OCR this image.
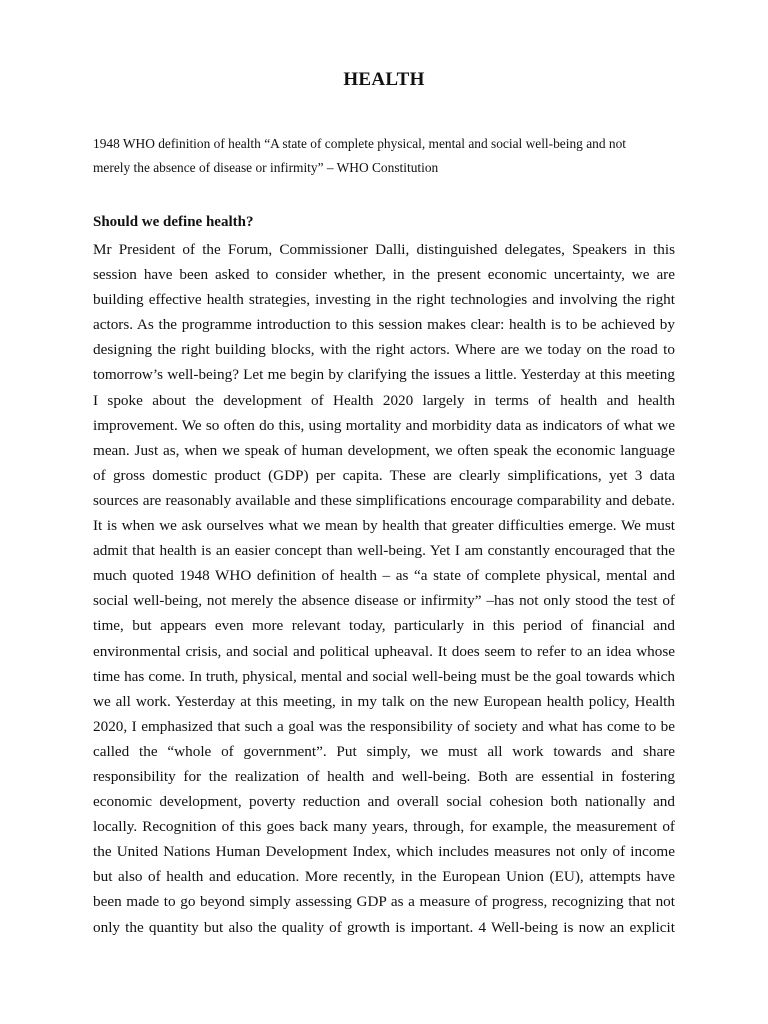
HEALTH
1948 WHO definition of health “A state of complete physical, mental and social well-being and not
merely the absence of disease or infirmity” – WHO Constitution
Should we define health?
Mr President of the Forum, Commissioner Dalli, distinguished delegates, Speakers in this
session have been asked to consider whether, in the present economic uncertainty, we are
building effective health strategies, investing in the right technologies and involving the right
actors. As the programme introduction to this session makes clear: health is to be achieved by
designing the right building blocks, with the right actors. Where are we today on the road to
tomorrow’s well-being? Let me begin by clarifying the issues a little. Yesterday at this meeting
I spoke about the development of Health 2020 largely in terms of health and health
improvement. We so often do this, using mortality and morbidity data as indicators of what we
mean. Just as, when we speak of human development, we often speak the economic language
of gross domestic product (GDP) per capita. These are clearly simplifications, yet 3 data
sources are reasonably available and these simplifications encourage comparability and debate.
It is when we ask ourselves what we mean by health that greater difficulties emerge. We must
admit that health is an easier concept than well-being. Yet I am constantly encouraged that the
much quoted 1948 WHO definition of health – as “a state of complete physical, mental and
social well-being, not merely the absence disease or infirmity” –has not only stood the test of
time, but appears even more relevant today, particularly in this period of financial and
environmental crisis, and social and political upheaval. It does seem to refer to an idea whose
time has come. In truth, physical, mental and social well-being must be the goal towards which
we all work. Yesterday at this meeting, in my talk on the new European health policy, Health
2020, I emphasized that such a goal was the responsibility of society and what has come to be
called the “whole of government”. Put simply, we must all work towards and share
responsibility for the realization of health and well-being. Both are essential in fostering
economic development, poverty reduction and overall social cohesion both nationally and
locally. Recognition of this goes back many years, through, for example, the measurement of
the United Nations Human Development Index, which includes measures not only of income
but also of health and education. More recently, in the European Union (EU), attempts have
been made to go beyond simply assessing GDP as a measure of progress, recognizing that not
only the quantity but also the quality of growth is important. 4 Well-being is now an explicit
